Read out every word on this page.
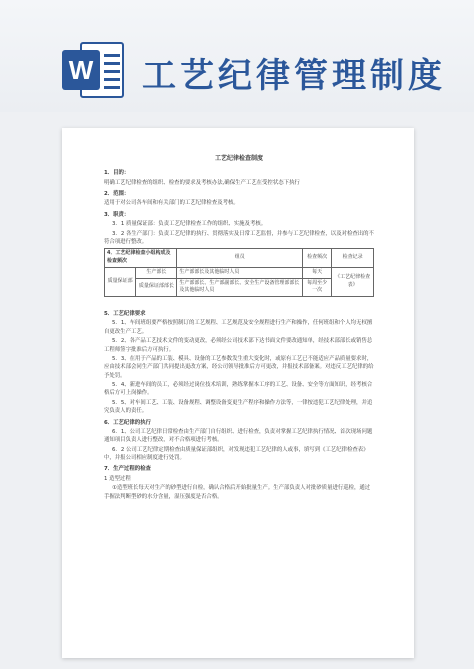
W 工艺纪律管理制度
​
工艺纪律检查制度
1．目的：
明确工艺纪律检查的组织、检查的要求及考核办法,确保生产工艺在受控状态下执行
2．范围：
适用于对公司各车间和有关部门的工艺纪律检查及考核。
3．职责：
3．1 质量保证部：负责工艺纪律检查工作的组织、实施及考核。
3．2 各生产部门：负责工艺纪律的执行、贯彻落实及日常工艺监督，并参与工艺纪律检查，以及对检查出的不符合项进行整改。
4．工艺纪律检查小组构成及检查频次		组员	检查频次	检查记录
质量保证部	生产部长	生产部部长及其他临时人员	每天	《工艺纪律检查表》
	质量保证部部长	生产部部长、生产部副部长、安全生产设备管理部部长及其他临时人员	每周至少一次	
5．工艺纪律要求
5．1、车间班组要严格按照制订的工艺规程、工艺规范及安全规程进行生产和操作，任何班组和个人均无权擅自更改生产工艺。
5．2、各产品工艺技术文件的变动更改，必须经公司技术部下达书面文件要改通知单，经技术部部长或销售总工程师签字批准后方可执行。
5．3、在用于产品的工装、模具、设备的工艺参数发生重大变化时，或原有工艺已不能适应产品质量要求时，应由技术部会同生产部门共同提出更改方案，经公司领导批准后方可更改，并报技术部备案。对违反工艺纪律的给予处罚。
5．4、新进车间的员工，必须经过岗位技术培训，熟练掌握本工序的工艺、设备、安全等方面知识，经考核合格后方可上岗操作。
5．5、对车间工艺、工装、设备规程、调整设备变更生产程序和操作方法等，一律按违犯工艺纪律处理，并追究负责人的责任。
6．工艺纪律的执行
6．1、公司工艺纪律日常检查由生产部门自行组织、进行检查，负责对掌握工艺纪律执行情况、首次现场问题通知项目负责人进行整改，对不合格项进行考核。
6．2 公司工艺纪律定期检查由质量保证部组织，对发现违犯工艺纪律的人或事，填写到《工艺纪律检查表》中，并报公司相应制度进行处罚。
7．生产过程的检查
1 造型过程
①造型班长每天对生产的砂型进行自检，确认合格后开始批量生产。生产部负责人对批砂质量进行巡检，通过手握法判断型砂的水分含量，湿压强度是否合格。
